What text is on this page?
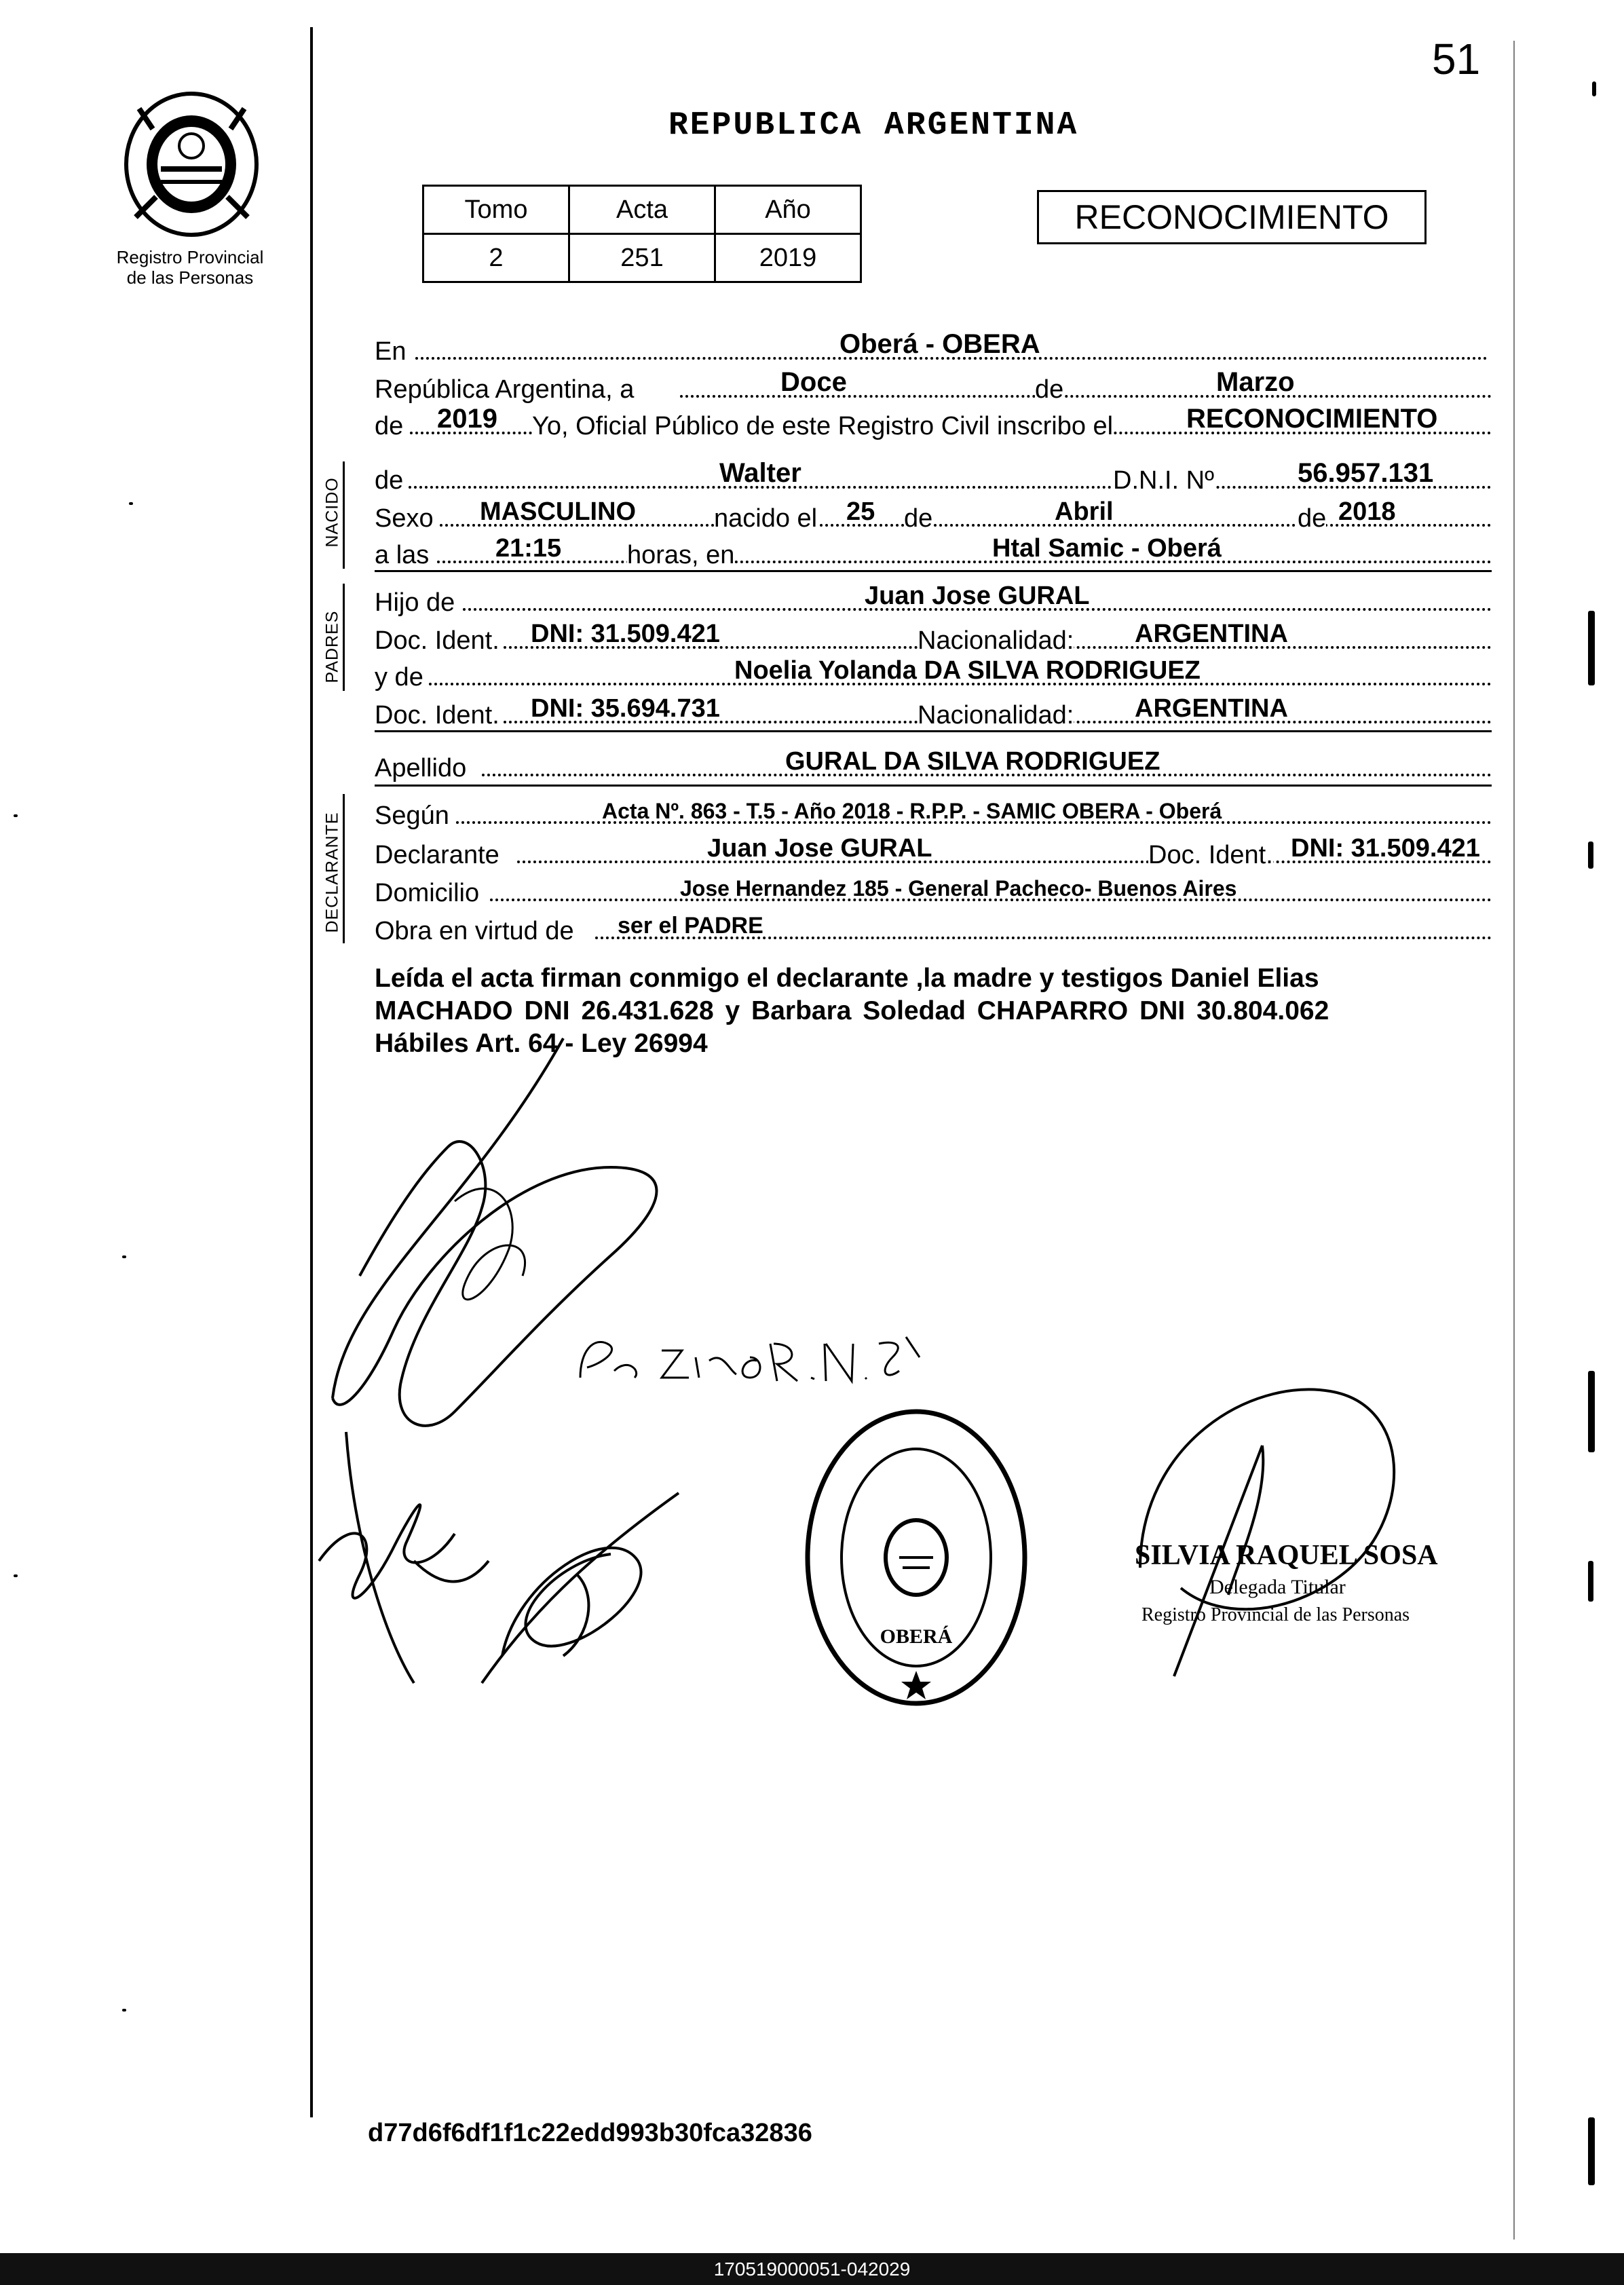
51
Registro Provincial
de las Personas
REPUBLICA ARGENTINA
Tomo	Acta	Año
2	251	2019
RECONOCIMIENTO
En	Oberá - OBERA
República Argentina, a	Doce	de	Marzo
de 2019 Yo, Oficial Público de este Registro Civil inscribo el	RECONOCIMIENTO
NACIDO de	Walter	D.N.I. Nº	56.957.131
Sexo MASCULINO	nacido el 25 de	Abril	de 2018
a las	21:15	horas, en	Htal Samic - Oberá
PADRES
Hijo de	Juan Jose GURAL
Doc. Ident. DNI: 31.509.421	Nacionalidad: ARGENTINA
y de	Noelia Yolanda DA SILVA RODRIGUEZ
Doc. Ident. DNI: 35.694.731	Nacionalidad: ARGENTINA
Apellido	GURAL DA SILVA RODRIGUEZ
DECLARANTE Según	Acta Nº. 863 - T.5 - Año 2018 - R.P.P. - SAMIC OBERA - Oberá
Declarante	Juan Jose GURAL	Doc. Ident. DNI: 31.509.421
Domicilio	Jose Hernandez 185 - General Pacheco- Buenos Aires
Obra en virtud de ser el PADRE
Leída el acta firman conmigo el declarante ,la madre y testigos Daniel Elias
MACHADO DNI 26.431.628 y Barbara Soledad CHAPARRO DNI 30.804.062
Hábiles Art. 64 - Ley 26994
OBERÁ
SILVIA RAQUEL SOSA
Delegada Titular
Registro Provincial de las Personas
d77d6f6df1f1c22edd993b30fca32836
170519000051-042029
